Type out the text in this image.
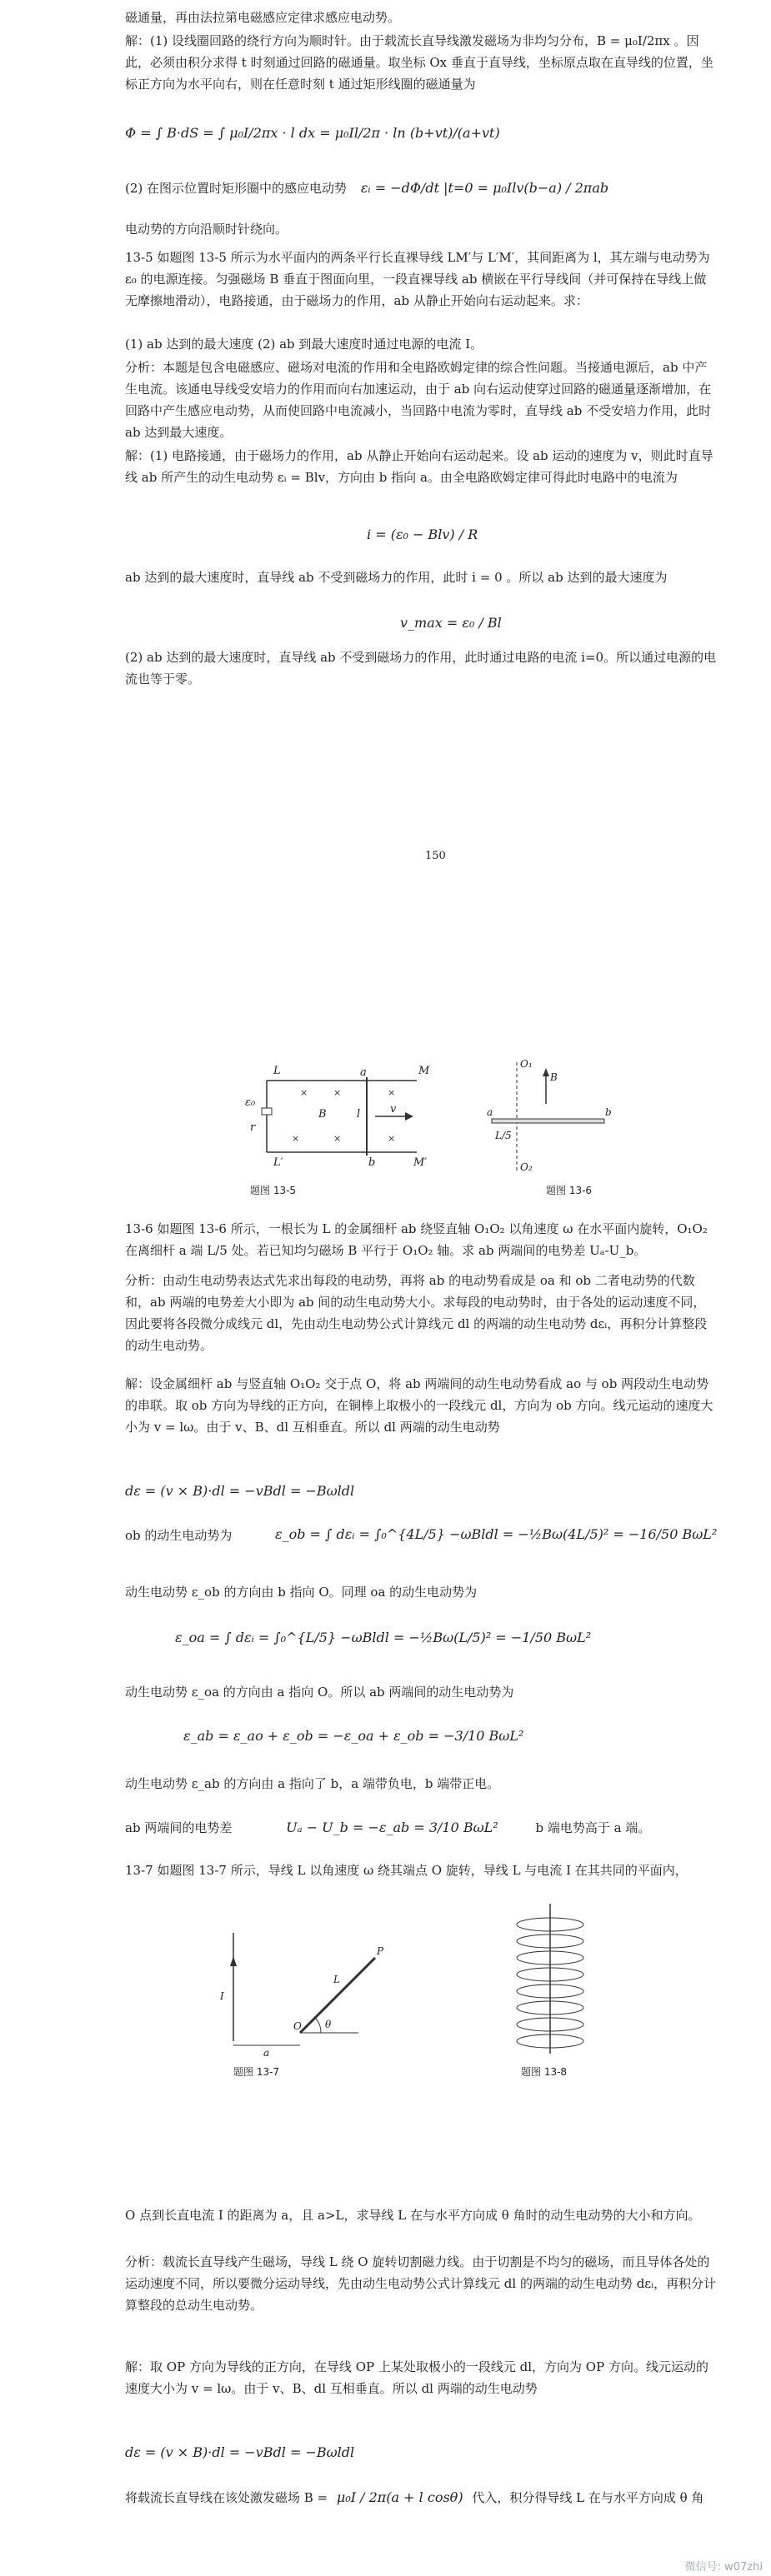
磁通量，再由法拉第电磁感应定律求感应电动势。

解：(1) 设线圈回路的绕行方向为顺时针。由于载流长直导线激发磁场为非均匀分布，B = μ₀I/2πx 。因此，必须由积分求得 t 时刻通过回路的磁通量。取坐标 Ox 垂直于直导线，坐标原点取在直导线的位置，坐标正方向为水平向右，则在任意时刻 t 通过矩形线圈的磁通量为

Φ = ∫ B·dS = ∫ μ₀I/2πx · l dx = μ₀Il/2π · ln (b+vt)/(a+vt)
(2) 在图示位置时矩形圈中的感应电动势 εᵢ = −dΦ/dt |t=0 = μ₀Ilv(b−a) / 2πab

电动势的方向沿顺时针绕向。

13-5 如题图 13-5 所示为水平面内的两条平行长直裸导线 LM′与 L′M′，其间距离为 l，其左端与电动势为 ε₀ 的电源连接。匀强磁场 B 垂直于图面向里，一段直裸导线 ab 横嵌在平行导线间（并可保持在导线上做无摩擦地滑动），电路接通，由于磁场力的作用，ab 从静止开始向右运动起来。求：

(1) ab 达到的最大速度 (2) ab 到最大速度时通过电源的电流 I。

分析：本题是包含电磁感应、磁场对电流的作用和全电路欧姆定律的综合性问题。当接通电源后，ab 中产生电流。该通电导线受安培力的作用而向右加速运动，由于 ab 向右运动使穿过回路的磁通量逐渐增加，在回路中产生感应电动势，从而使回路中电流减小，当回路中电流为零时，直导线 ab 不受安培力作用，此时 ab 达到最大速度。

解：(1) 电路接通，由于磁场力的作用，ab 从静止开始向右运动起来。设 ab 运动的速度为 v，则此时直导线 ab 所产生的动生电动势 εᵢ = Blv，方向由 b 指向 a。由全电路欧姆定律可得此时电路中的电流为

i = (ε₀ − Blv) / R

ab 达到的最大速度时，直导线 ab 不受到磁场力的作用，此时 i = 0 。所以 ab 达到的最大速度为

v_max = ε₀ / Bl

(2) ab 达到的最大速度时，直导线 ab 不受到磁场力的作用，此时通过电路的电流 i=0。所以通过电源的电流也等于零。

150
×	×	×
×	×	×
L	M
a
B	l	v
ε₀
r
L′	b	M′
题图 13-5
O₁
B
a	b
L/5
O₂
题图 13-6

13-6 如题图 13-6 所示，一根长为 L 的金属细杆 ab 绕竖直轴 O₁O₂ 以角速度 ω 在水平面内旋转，O₁O₂ 在离细杆 a 端 L/5 处。若已知均匀磁场 B 平行于 O₁O₂ 轴。求 ab 两端间的电势差 Uₐ-U_b。

分析：由动生电动势表达式先求出每段的电动势，再将 ab 的电动势看成是 oa 和 ob 二者电动势的代数和，ab 两端的电势差大小即为 ab 间的动生电动势大小。求每段的电动势时，由于各处的运动速度不同，因此要将各段微分成线元 dl，先由动生电动势公式计算线元 dl 的两端的动生电动势 dεᵢ，再积分计算整段的动生电动势。

解：设金属细杆 ab 与竖直轴 O₁O₂ 交于点 O，将 ab 两端间的动生电动势看成 ao 与 ob 两段动生电动势的串联。取 ob 方向为导线的正方向，在铜棒上取极小的一段线元 dl，方向为 ob 方向。线元运动的速度大小为 v = lω。由于 v、B、dl 互相垂直。所以 dl 两端的动生电动势

dε = (v × B)·dl = −vBdl = −Bωldl

ob 的动生电动势为	ε_ob = ∫ dεᵢ = ∫₀^{4L/5} −ωBldl = −½Bω(4L/5)² = −16/50 BωL²

动生电动势 ε_ob 的方向由 b 指向 O。同理 oa 的动生电动势为

ε_oa = ∫ dεᵢ = ∫₀^{L/5} −ωBldl = −½Bω(L/5)² = −1/50 BωL²

动生电动势 ε_oa 的方向由 a 指向 O。所以 ab 两端间的动生电动势为

ε_ab = ε_ao + ε_ob = −ε_oa + ε_ob = −3/10 BωL²

动生电动势 ε_ab 的方向由 a 指向了 b，a 端带负电，b 端带正电。

ab 两端间的电势差	Uₐ − U_b = −ε_ab = 3/10 BωL²	b 端电势高于 a 端。

13-7 如题图 13-7 所示，导线 L 以角速度 ω 绕其端点 O 旋转，导线 L 与电流 I 在其共同的平面内，

I
L
O
a
θ
P
题图 13-7	题图 13-8

O 点到长直电流 I 的距离为 a，且 a>L，求导线 L 在与水平方向成 θ 角时的动生电动势的大小和方向。

分析：载流长直导线产生磁场，导线 L 绕 O 旋转切割磁力线。由于切割是不均匀的磁场，而且导体各处的运动速度不同，所以要微分运动导线，先由动生电动势公式计算线元 dl 的两端的动生电动势 dεᵢ，再积分计算整段的总动生电动势。

解：取 OP 方向为导线的正方向，在导线 OP 上某处取极小的一段线元 dl，方向为 OP 方向。线元运动的速度大小为 v = lω。由于 v、B、dl 互相垂直。所以 dl 两端的动生电动势

dε = (v × B)·dl = −vBdl = −Bωldl
将载流长直导线在该处激发磁场 B = μ₀I / 2π(a + l cosθ) 代入，积分得导线 L 在与水平方向成 θ 角
微信号: w07zhi
